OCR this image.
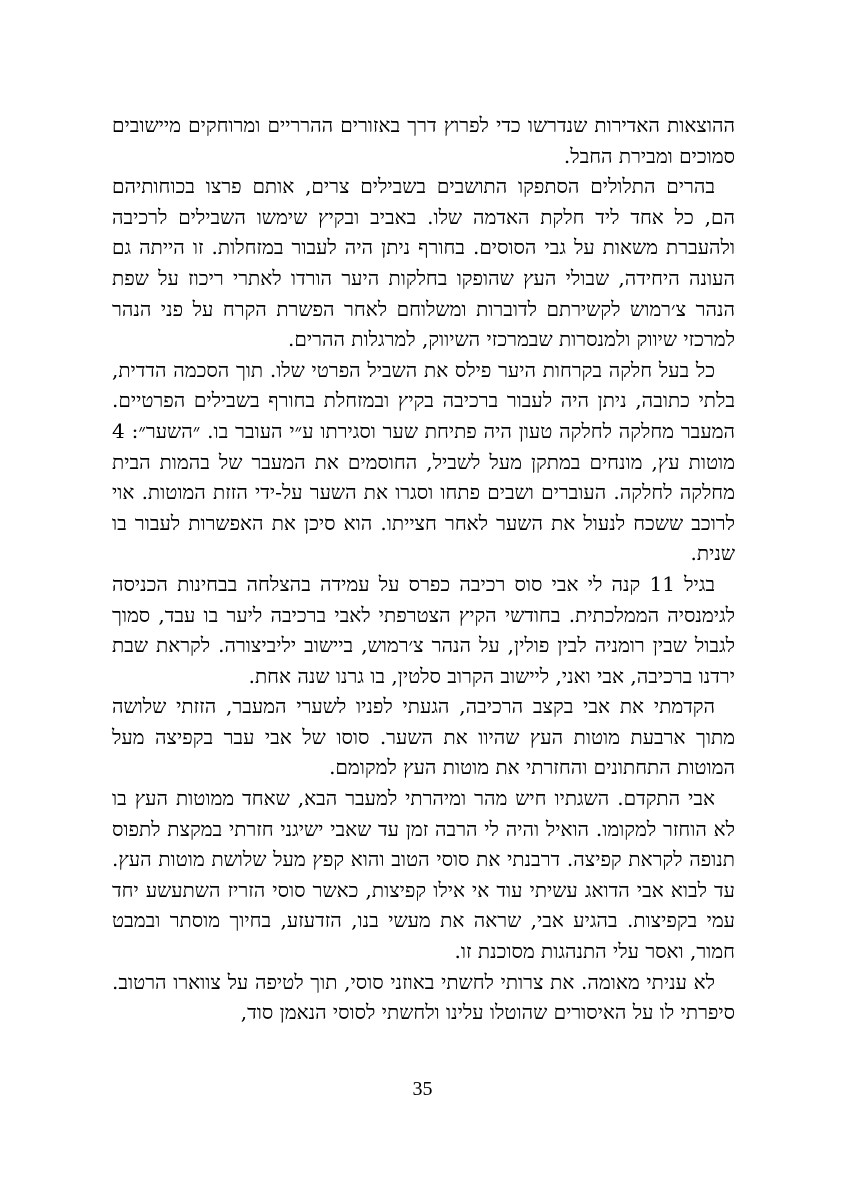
ההוצאות האדירות שנדרשו כדי לפרוץ דרך באזורים ההרריים ומרוחקים מיישובים סמוכים ומבירת החבל.

בהרים התלולים הסתפקו התושבים בשבילים צרים, אותם פרצו בכוחותיהם הם, כל אחד ליד חלקת האדמה שלו. באביב ובקיץ שימשו השבילים לרכיבה ולהעברת משאות על גבי הסוסים. בחורף ניתן היה לעבור במזחלות. זו הייתה גם העונה היחידה, שבולי העץ שהופקו בחלקות היער הורדו לאתרי ריכוז על שפת הנהר צ׳רמוש לקשירתם לדוברות ומשלוחם לאחר הפשרת הקרח על פני הנהר למרכזי שיווק ולמנסרות שבמרכזי השיווק, למרגלות ההרים.

כל בעל חלקה בקרחות היער פילס את השביל הפרטי שלו. תוך הסכמה הדדית, בלתי כתובה, ניתן היה לעבור ברכיבה בקיץ ובמזחלת בחורף בשבילים הפרטיים. המעבר מחלקה לחלקה טעון היה פתיחת שער וסגירתו ע״י העובר בו. ״השער״: 4 מוטות עץ, מונחים במתקן מעל לשביל, החוסמים את המעבר של בהמות הבית מחלקה לחלקה. העוברים ושבים פתחו וסגרו את השער על-ידי הזזת המוטות. אוי לרוכב ששכח לנעול את השער לאחר חצייתו. הוא סיכן את האפשרות לעבור בו שנית.

בגיל 11 קנה לי אבי סוס רכיבה כפרס על עמידה בהצלחה בבחינות הכניסה לגימנסיה הממלכתית. בחודשי הקיץ הצטרפתי לאבי ברכיבה ליער בו עבד, סמוך לגבול שבין רומניה לבין פולין, על הנהר צ׳רמוש, ביישוב יליביצורה. לקראת שבת ירדנו ברכיבה, אבי ואני, ליישוב הקרוב סלטין, בו גרנו שנה אחת.

הקדמתי את אבי בקצב הרכיבה, הגעתי לפניו לשערי המעבר, הזזתי שלושה מתוך ארבעת מוטות העץ שהיוו את השער. סוסו של אבי עבר בקפיצה מעל המוטות התחתונים והחזרתי את מוטות העץ למקומם.

אבי התקדם. השגתיו חיש מהר ומיהרתי למעבר הבא, שאחד ממוטות העץ בו לא הוחזר למקומו. הואיל והיה לי הרבה זמן עד שאבי ישיגני חזרתי במקצת לתפוס תנופה לקראת קפיצה. דרבנתי את סוסי הטוב והוא קפץ מעל שלושת מוטות העץ. עד לבוא אבי הדואג עשיתי עוד אי אילו קפיצות, כאשר סוסי הזריז השתעשע יחד עמי בקפיצות. בהגיע אבי, שראה את מעשי בנו, הזדעזע, בחיוך מוסתר ובמבט חמור, ואסר עלי התנהגות מסוכנת זו.

לא עניתי מאומה. את צרותי לחשתי באוזני סוסי, תוך לטיפה על צווארו הרטוב. סיפרתי לו על האיסורים שהוטלו עלינו ולחשתי לסוסי הנאמן סוד,

35
